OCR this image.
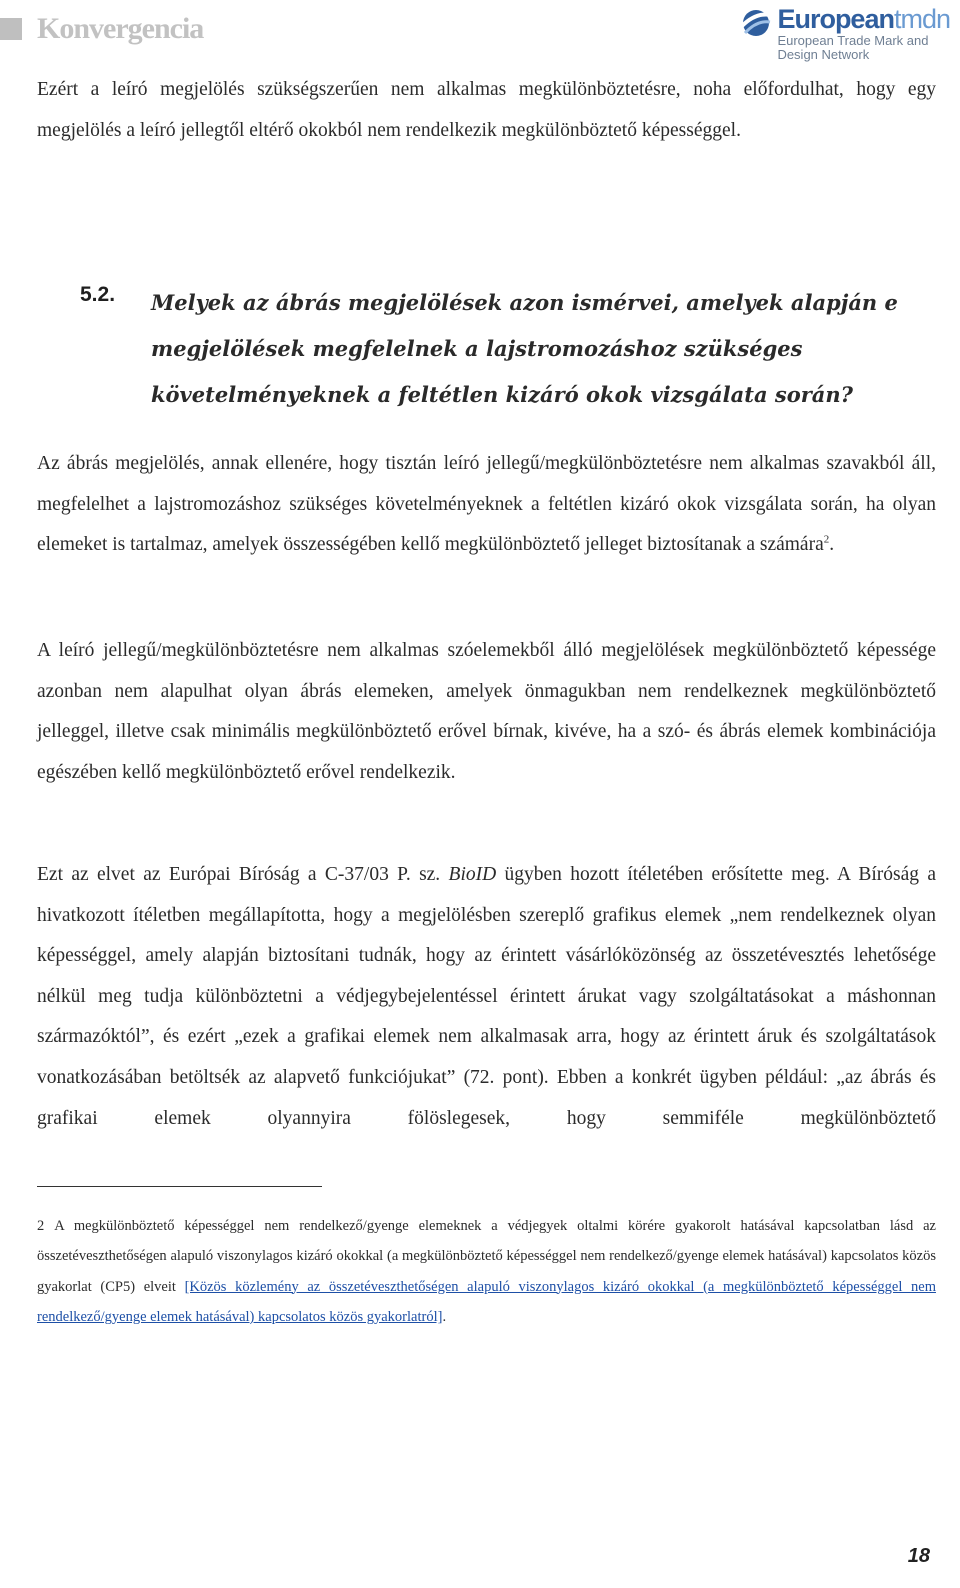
Konvergencia	Europeantmdn
European Trade Mark and
Design Network

Ezért a leíró megjelölés szükségszerűen nem alkalmas megkülönböztetésre, noha előfordulhat, hogy egy megjelölés a leíró jellegtől eltérő okokból nem rendelkezik megkülönböztető képességgel.

5.2. Melyek az ábrás megjelölések azon ismérvei, amelyek alapján e megjelölések megfelelnek a lajstromozáshoz szükséges követelményeknek a feltétlen kizáró okok vizsgálata során?

Az ábrás megjelölés, annak ellenére, hogy tisztán leíró jellegű/megkülönböztetésre nem alkalmas szavakból áll, megfelelhet a lajstromozáshoz szükséges követelményeknek a feltétlen kizáró okok vizsgálata során, ha olyan elemeket is tartalmaz, amelyek összességében kellő megkülönböztető jelleget biztosítanak a számára$^2$.

A leíró jellegű/megkülönböztetésre nem alkalmas szóelemekből álló megjelölések megkülönböztető képessége azonban nem alapulhat olyan ábrás elemeken, amelyek önmagukban nem rendelkeznek megkülönböztető jelleggel, illetve csak minimális megkülönböztető erővel bírnak, kivéve, ha a szó- és ábrás elemek kombinációja egészében kellő megkülönböztető erővel rendelkezik.

Ezt az elvet az Európai Bíróság a C-37/03 P. sz. BioID ügyben hozott ítéletében erősítette meg. A Bíróság a hivatkozott ítéletben megállapította, hogy a megjelölésben szereplő grafikus elemek „nem rendelkeznek olyan képességgel, amely alapján biztosítani tudnák, hogy az érintett vásárlóközönség az összetévesztés lehetősége nélkül meg tudja különböztetni a védjegybejelentéssel érintett árukat vagy szolgáltatásokat a máshonnan származóktól”, és ezért „ezek a grafikai elemek nem alkalmasak arra, hogy az érintett áruk és szolgáltatások vonatkozásában betöltsék az alapvető funkciójukat” (72. pont). Ebben a konkrét ügyben például: „az ábrás és grafikai elemek olyannyira fölöslegesek, hogy semmiféle megkülönböztető

2 A megkülönböztető képességgel nem rendelkező/gyenge elemeknek a védjegyek oltalmi körére gyakorolt hatásával kapcsolatban lásd az összetéveszthetőségen alapuló viszonylagos kizáró okokkal (a megkülönböztető képességgel nem rendelkező/gyenge elemek hatásával) kapcsolatos közös gyakorlat (CP5) elveit [Közös közlemény az összetéveszthetőségen alapuló viszonylagos kizáró okokkal (a megkülönböztető képességgel nem rendelkező/gyenge elemek hatásával) kapcsolatos közös gyakorlatról].

18
